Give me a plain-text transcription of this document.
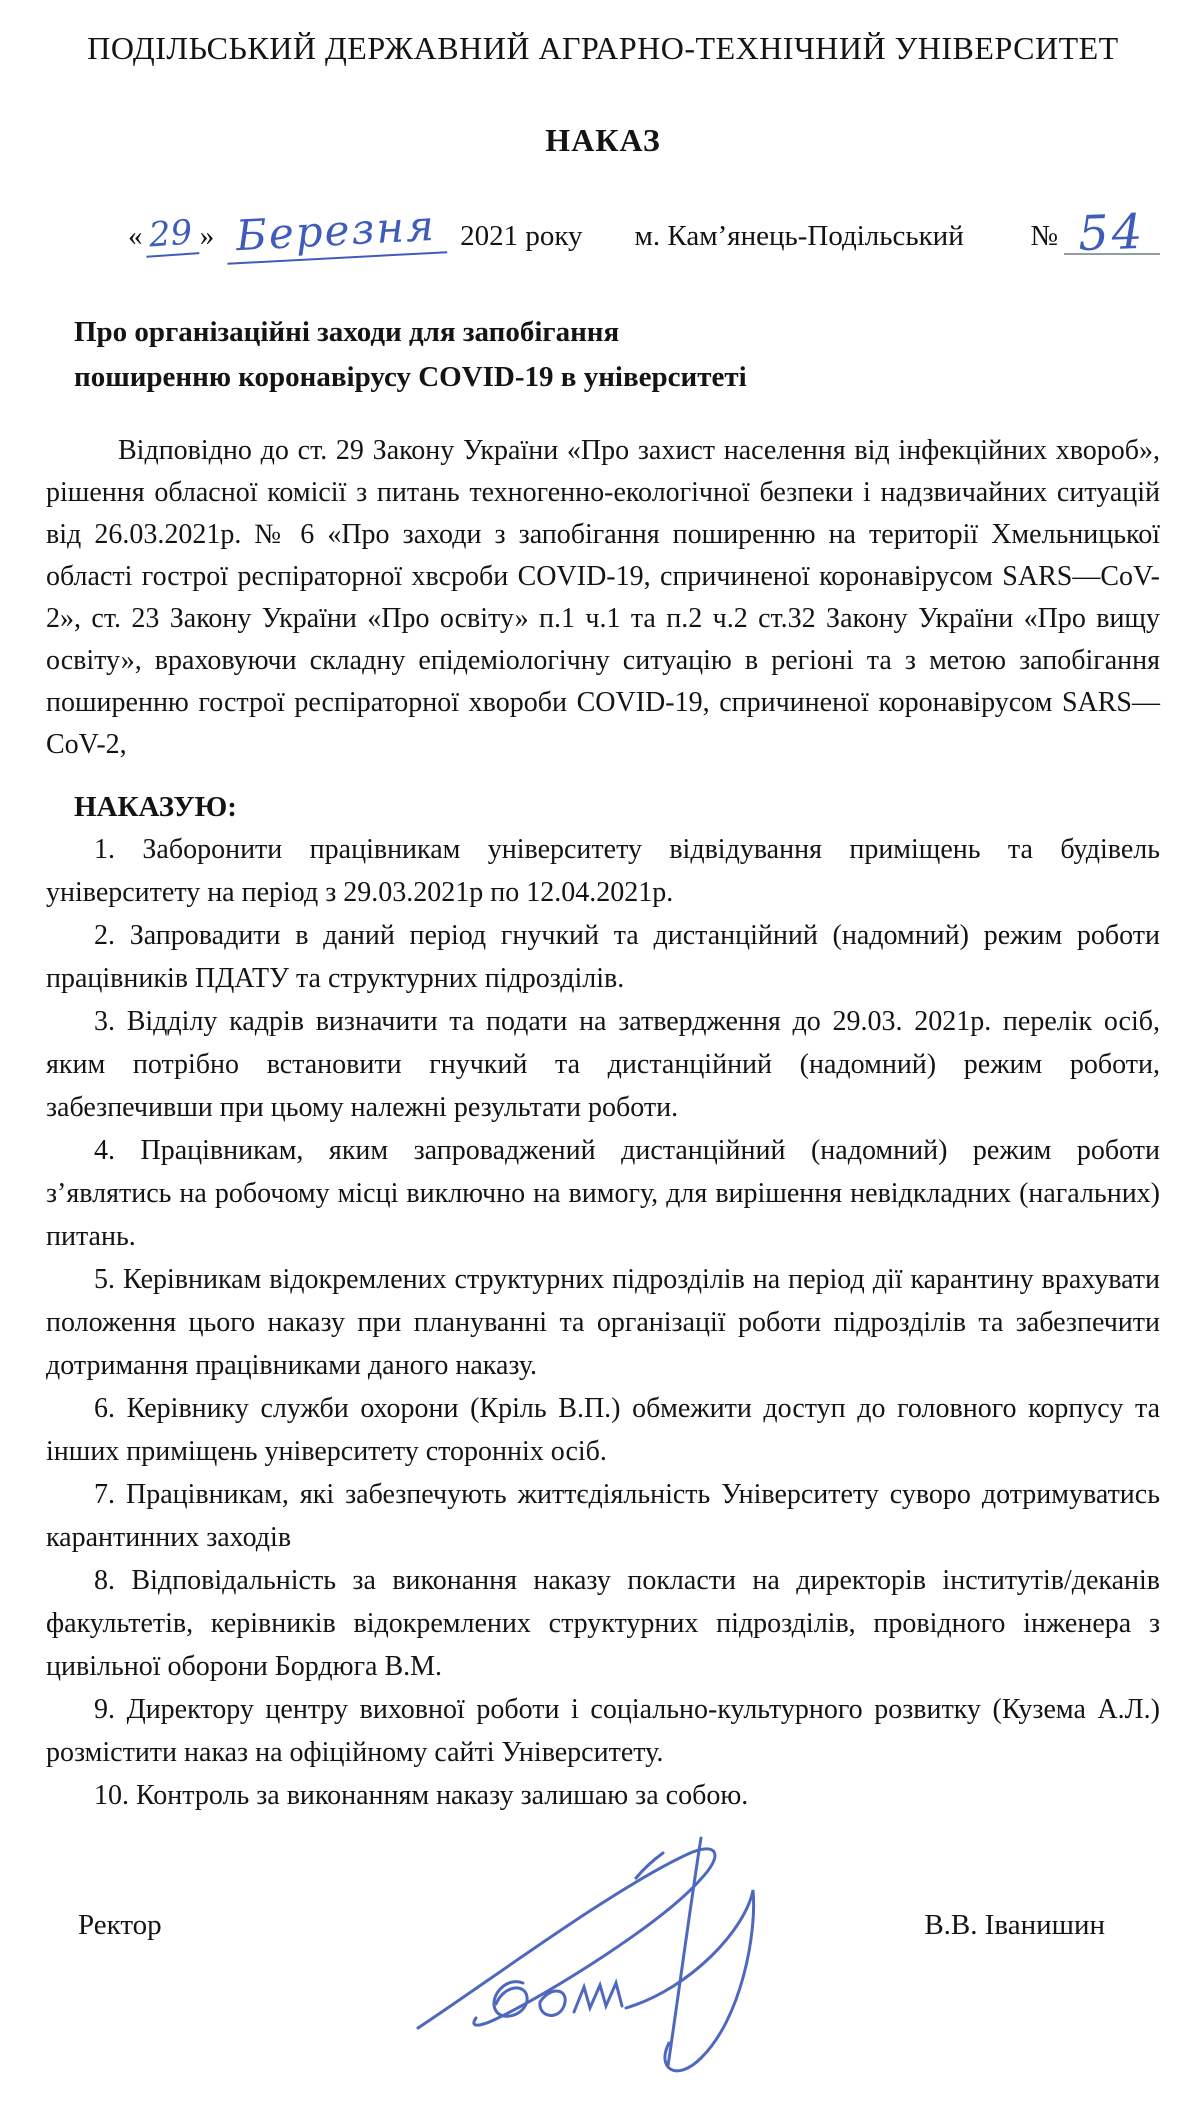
ПОДІЛЬСЬКИЙ ДЕРЖАВНИЙ АГРАРНО-ТЕХНІЧНИЙ УНІВЕРСИТЕТ
НАКАЗ
« 29 » Березня 2021 року м. Кам’янець-Подільський № 54
Про організаційні заходи для запобігання
поширенню коронавірусу COVID-19 в університеті

Відповідно до ст. 29 Закону України «Про захист населення від інфекційних хвороб», рішення обласної комісії з питань техногенно-екологічної безпеки і надзвичайних ситуацій від 26.03.2021р. № 6 «Про заходи з запобігання поширенню на території Хмельницької області гострої респіраторної хвсроби COVID-19, спричиненої коронавірусом SARS—CoV-2», ст. 23 Закону України «Про освіту» п.1 ч.1 та п.2 ч.2 ст.32 Закону України «Про вищу освіту», враховуючи складну епідеміологічну ситуацію в регіоні та з метою запобігання поширенню гострої респіраторної хвороби COVID-19, спричиненої коронавірусом SARS—CoV-2,

НАКАЗУЮ:

1. Заборонити працівникам університету відвідування приміщень та будівель університету на період з 29.03.2021р по 12.04.2021р.

2. Запровадити в даний період гнучкий та дистанційний (надомний) режим роботи працівників ПДАТУ та структурних підрозділів.

3. Відділу кадрів визначити та подати на затвердження до 29.03. 2021р. перелік осіб, яким потрібно встановити гнучкий та дистанційний (надомний) режим роботи, забезпечивши при цьому належні результати роботи.

4. Працівникам, яким запроваджений дистанційний (надомний) режим роботи з’являтись на робочому місці виключно на вимогу, для вирішення невідкладних (нагальних) питань.

5. Керівникам відокремлених структурних підрозділів на період дії карантину врахувати положення цього наказу при плануванні та організації роботи підрозділів та забезпечити дотримання працівниками даного наказу.

6. Керівнику служби охорони (Кріль В.П.) обмежити доступ до головного корпусу та інших приміщень університету сторонніх осіб.

7. Працівникам, які забезпечують життєдіяльність Університету суворо дотримуватись карантинних заходів

8. Відповідальність за виконання наказу покласти на директорів інститутів/деканів факультетів, керівників відокремлених структурних підрозділів, провідного інженера з цивільної оборони Бордюга В.М.

9. Директору центру виховної роботи і соціально-культурного розвитку (Кузема А.Л.) розмістити наказ на офіційному сайті Університету.

10. Контроль за виконанням наказу залишаю за собою.

Ректор	В.В. Іванишин
